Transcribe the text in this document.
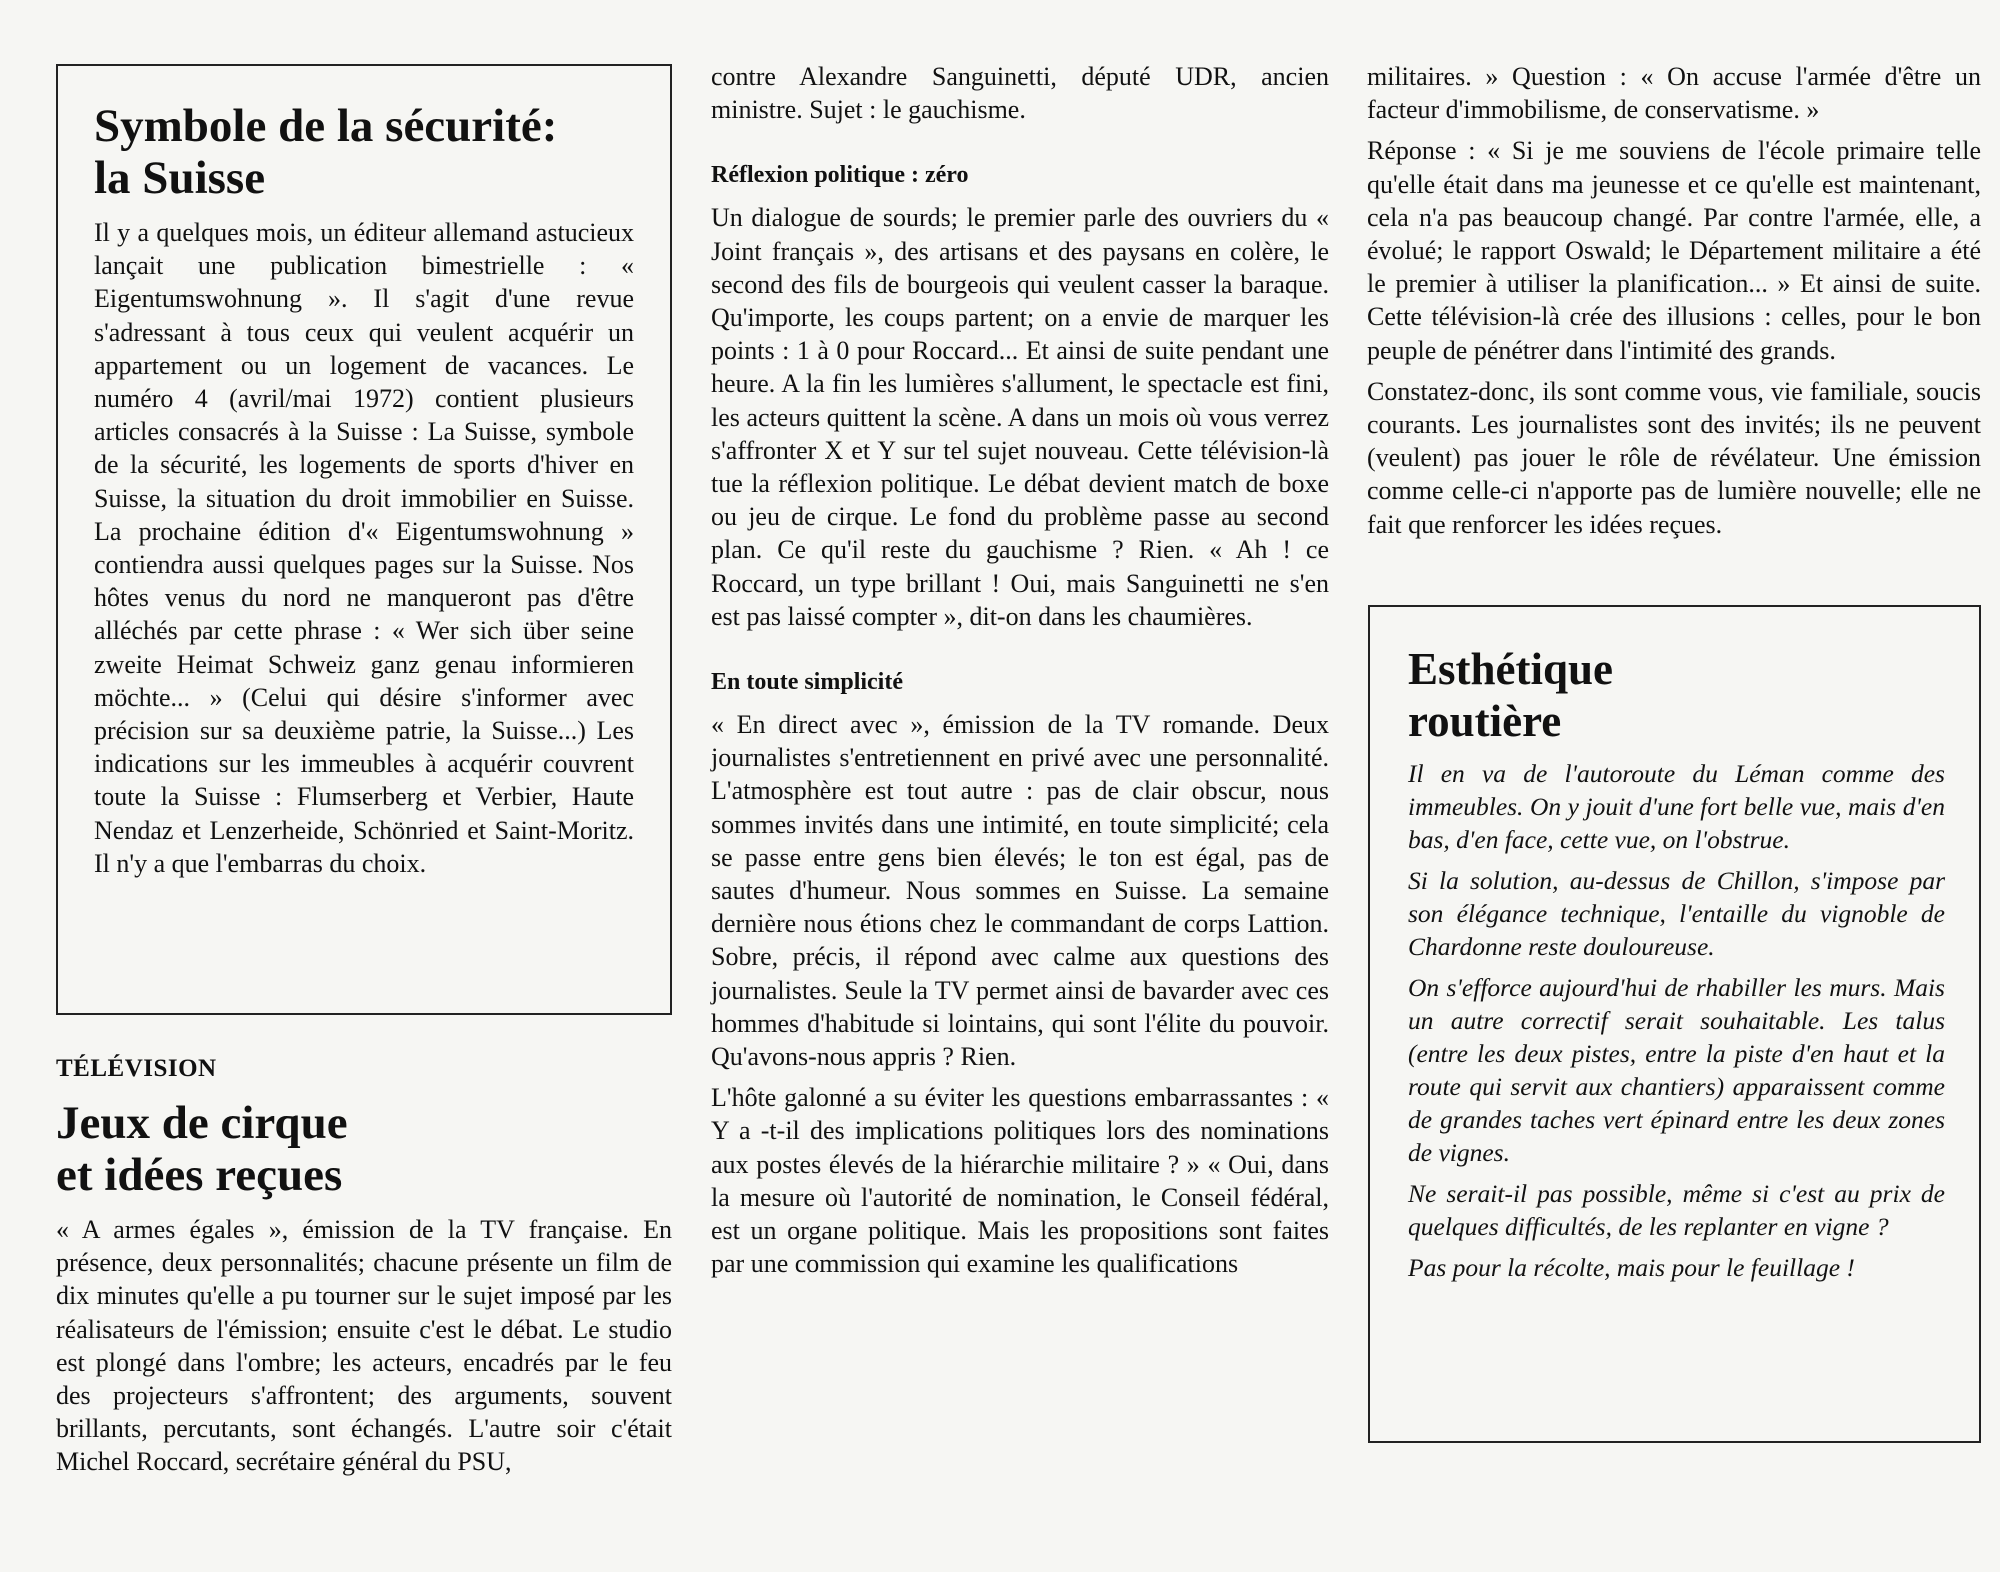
Symbole de la sécurité:
la Suisse

Il y a quelques mois, un éditeur allemand astucieux lançait une publication bimestrielle : « Eigentumswohnung ». Il s'agit d'une revue s'adressant à tous ceux qui veulent acquérir un appartement ou un logement de vacances. Le numéro 4 (avril/mai 1972) contient plusieurs articles consacrés à la Suisse : La Suisse, symbole de la sécurité, les logements de sports d'hiver en Suisse, la situation du droit immobilier en Suisse. La prochaine édition d'« Eigentumswohnung » contiendra aussi quelques pages sur la Suisse. Nos hôtes venus du nord ne manqueront pas d'être alléchés par cette phrase : « Wer sich über seine zweite Heimat Schweiz ganz genau informieren möchte... » (Celui qui désire s'informer avec précision sur sa deuxième patrie, la Suisse...) Les indications sur les immeubles à acquérir couvrent toute la Suisse : Flumserberg et Verbier, Haute Nendaz et Lenzerheide, Schönried et Saint-Moritz. Il n'y a que l'embarras du choix.

TÉLÉVISION
Jeux de cirque
et idées reçues

« A armes égales », émission de la TV française. En présence, deux personnalités; chacune présente un film de dix minutes qu'elle a pu tourner sur le sujet imposé par les réalisateurs de l'émission; ensuite c'est le débat. Le studio est plongé dans l'ombre; les acteurs, encadrés par le feu des projecteurs s'affrontent; des arguments, souvent brillants, percutants, sont échangés. L'autre soir c'était Michel Roccard, secrétaire général du PSU,

contre Alexandre Sanguinetti, député UDR, ancien ministre. Sujet : le gauchisme.

Réflexion politique : zéro

Un dialogue de sourds; le premier parle des ouvriers du « Joint français », des artisans et des paysans en colère, le second des fils de bourgeois qui veulent casser la baraque. Qu'importe, les coups partent; on a envie de marquer les points : 1 à 0 pour Roccard... Et ainsi de suite pendant une heure. A la fin les lumières s'allument, le spectacle est fini, les acteurs quittent la scène. A dans un mois où vous verrez s'affronter X et Y sur tel sujet nouveau. Cette télévision-là tue la réflexion politique. Le débat devient match de boxe ou jeu de cirque. Le fond du problème passe au second plan. Ce qu'il reste du gauchisme ? Rien. « Ah ! ce Roccard, un type brillant ! Oui, mais Sanguinetti ne s'en est pas laissé compter », dit-on dans les chaumières.

En toute simplicité

« En direct avec », émission de la TV romande. Deux journalistes s'entretiennent en privé avec une personnalité. L'atmosphère est tout autre : pas de clair obscur, nous sommes invités dans une intimité, en toute simplicité; cela se passe entre gens bien élevés; le ton est égal, pas de sautes d'humeur. Nous sommes en Suisse. La semaine dernière nous étions chez le commandant de corps Lattion. Sobre, précis, il répond avec calme aux questions des journalistes. Seule la TV permet ainsi de bavarder avec ces hommes d'habitude si lointains, qui sont l'élite du pouvoir. Qu'avons-nous appris ? Rien.

L'hôte galonné a su éviter les questions embarrassantes : « Y a -t-il des implications politiques lors des nominations aux postes élevés de la hiérarchie militaire ? » « Oui, dans la mesure où l'autorité de nomination, le Conseil fédéral, est un organe politique. Mais les propositions sont faites par une commission qui examine les qualifications

militaires. » Question : « On accuse l'armée d'être un facteur d'immobilisme, de conservatisme. »

Réponse : « Si je me souviens de l'école primaire telle qu'elle était dans ma jeunesse et ce qu'elle est maintenant, cela n'a pas beaucoup changé. Par contre l'armée, elle, a évolué; le rapport Oswald; le Département militaire a été le premier à utiliser la planification... » Et ainsi de suite. Cette télévision-là crée des illusions : celles, pour le bon peuple de pénétrer dans l'intimité des grands.

Constatez-donc, ils sont comme vous, vie familiale, soucis courants. Les journalistes sont des invités; ils ne peuvent (veulent) pas jouer le rôle de révélateur. Une émission comme celle-ci n'apporte pas de lumière nouvelle; elle ne fait que renforcer les idées reçues.

Esthétique
routière

Il en va de l'autoroute du Léman comme des immeubles. On y jouit d'une fort belle vue, mais d'en bas, d'en face, cette vue, on l'obstrue.

Si la solution, au-dessus de Chillon, s'impose par son élégance technique, l'entaille du vignoble de Chardonne reste douloureuse.

On s'efforce aujourd'hui de rhabiller les murs. Mais un autre correctif serait souhaitable. Les talus (entre les deux pistes, entre la piste d'en haut et la route qui servit aux chantiers) apparaissent comme de grandes taches vert épinard entre les deux zones de vignes.

Ne serait-il pas possible, même si c'est au prix de quelques difficultés, de les replanter en vigne ?

Pas pour la récolte, mais pour le feuillage !
